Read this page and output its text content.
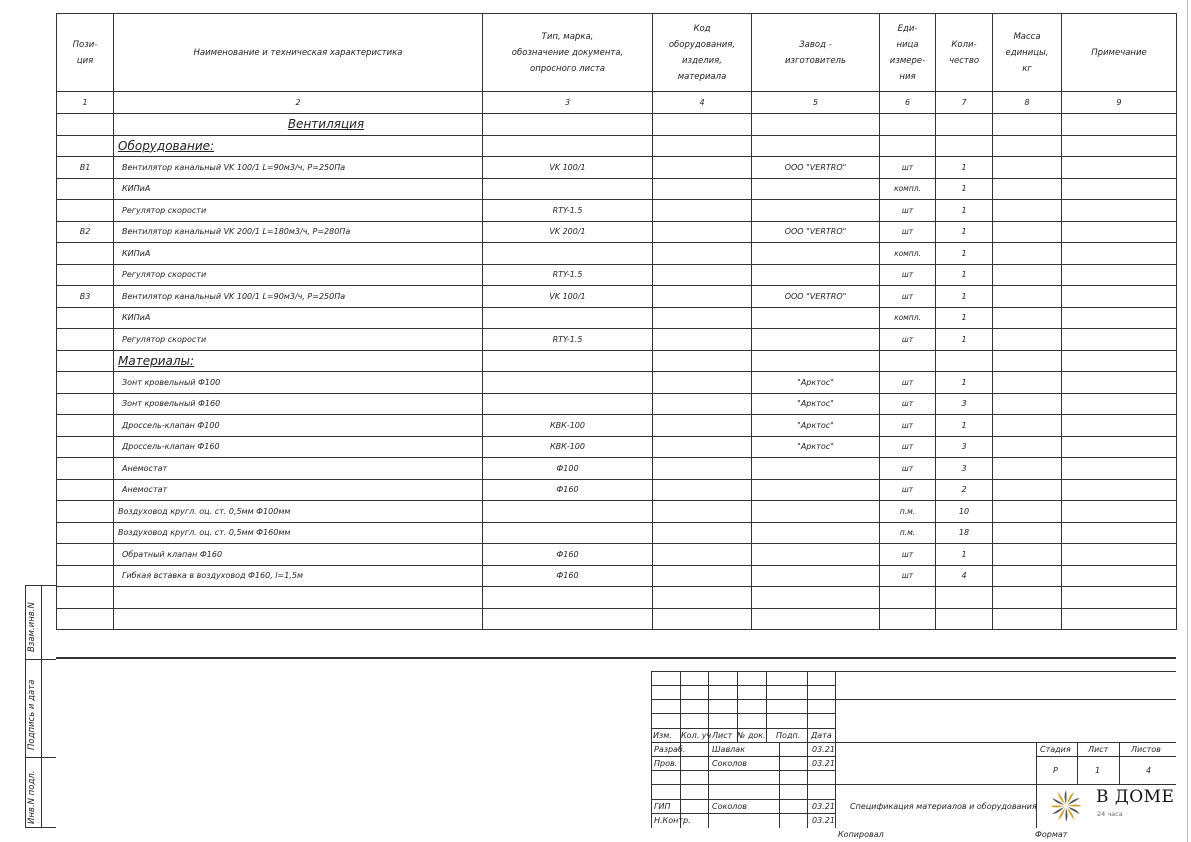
Пози-
ция	Наименование и техническая характеристика	Тип, марка,
обозначение документа,
опросного листа	Код
оборудования,
изделия,
материала	Завод -
изготовитель	Еди-
ница
измере-
ния	Коли-
чество	Масса
единицы,
кг	Примечание
1	2	3	4	5	6	7	8	9
	Вентиляция							
	Оборудование:							
В1	Вентилятор канальный VK 100/1 L=90м3/ч, P=250Па	VK 100/1		ООО "VERTRO"	шт	1		
	КИПиА				компл.	1		
	Регулятор скорости	RTY-1.5			шт	1		
В2	Вентилятор канальный VK 200/1 L=180м3/ч, P=280Па	VK 200/1		ООО "VERTRO"	шт	1		
	КИПиА				компл.	1		
	Регулятор скорости	RTY-1.5			шт	1		
В3	Вентилятор канальный VK 100/1 L=90м3/ч, P=250Па	VK 100/1		ООО "VERTRO"	шт	1		
	КИПиА				компл.	1		
	Регулятор скорости	RTY-1.5			шт	1		
	Материалы:							
	Зонт кровельный Ф100			"Арктос"	шт	1		
	Зонт кровельный Ф160			"Арктос"	шт	3		
	Дроссель-клапан Ф100	КВК-100		"Арктос"	шт	1		
	Дроссель-клапан Ф160	КВК-100		"Арктос"	шт	3		
	Анемостат	Ф100			шт	3		
	Анемостат	Ф160			шт	2		
	Воздуховод кругл. оц. ст. 0,5мм Ф100мм				п.м.	10		
	Воздуховод кругл. оц. ст. 0,5мм Ф160мм				п.м.	18		
	Обратный клапан Ф160	Ф160			шт	1		
	Гибкая вставка в воздуховод Ф160, l=1,5м	Ф160			шт	4		

Взам.инв.N
Подпись и дата
Инв.N подл.
Изм. Кол. уч Лист № док. Подп. Дата
Разраб.	Шавлак	03.21
Пров.	Соколов	03.21
ГИП	Соколов	03.21
Н.Контр.	03.21
Стадия Лист	Листов
Р	1	4
Спецификация материалов и оборудования
Копировал	Формат
В ДОМЕ
24 часа
